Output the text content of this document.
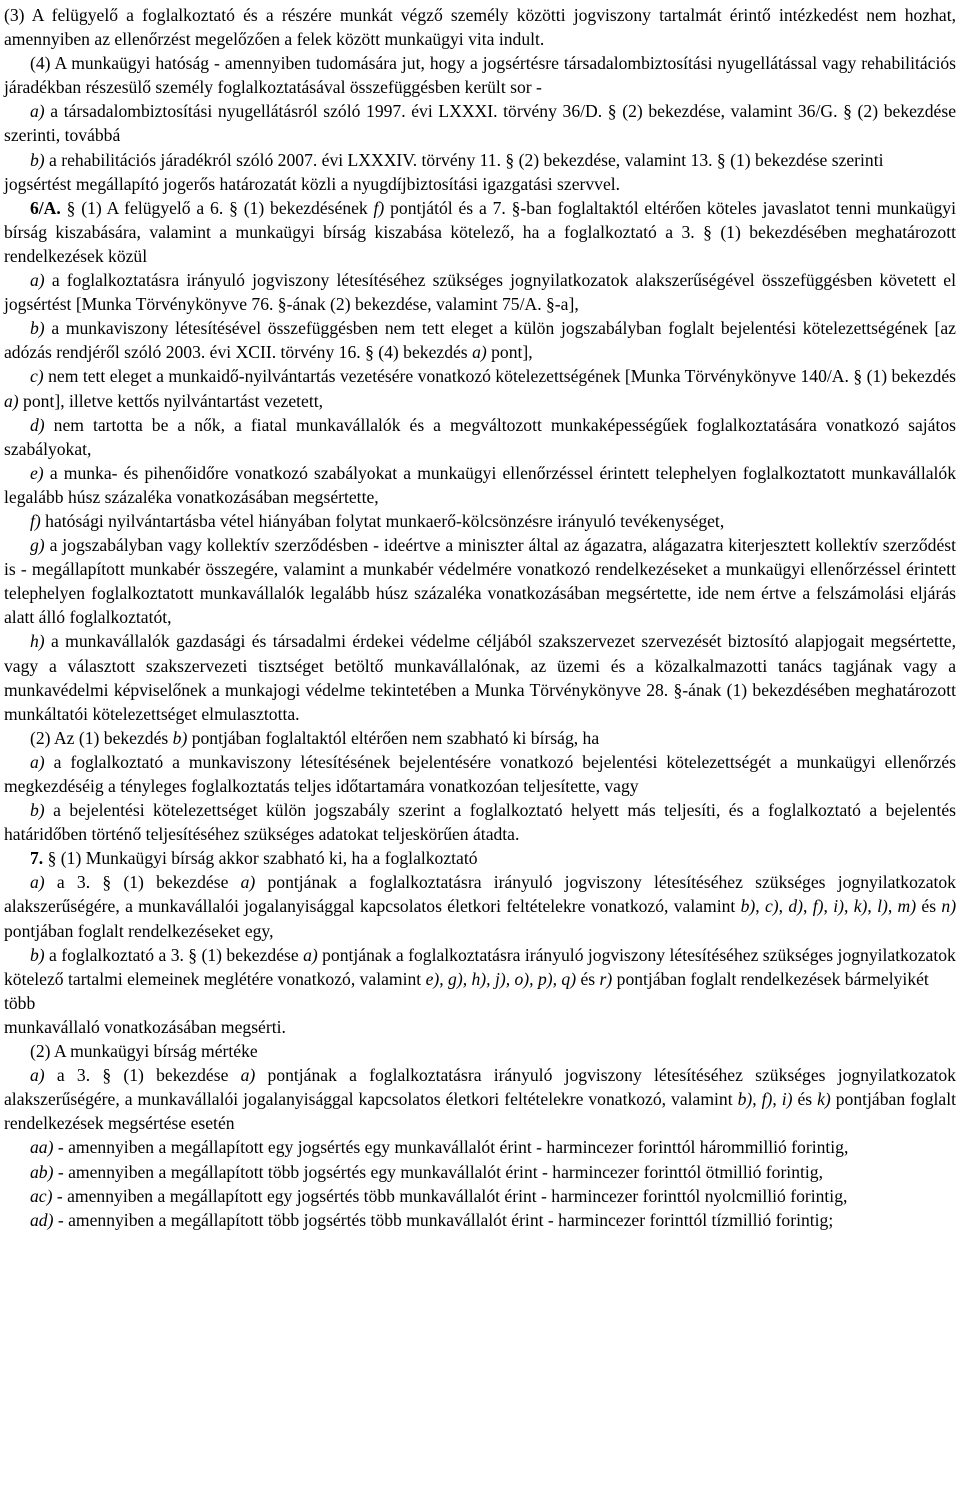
(3) A felügyelő a foglalkoztató és a részére munkát végző személy közötti jogviszony tartalmát érintő intézkedést nem hozhat, amennyiben az ellenőrzést megelőzően a felek között munkaügyi vita indult.

(4) A munkaügyi hatóság - amennyiben tudomására jut, hogy a jogsértésre társadalombiztosítási nyugellátással vagy rehabilitációs járadékban részesülő személy foglalkoztatásával összefüggésben került sor -

a) a társadalombiztosítási nyugellátásról szóló 1997. évi LXXXI. törvény 36/D. § (2) bekezdése, valamint 36/G. § (2) bekezdése szerinti, továbbá

b) a rehabilitációs járadékról szóló 2007. évi LXXXIV. törvény 11. § (2) bekezdése, valamint 13. § (1) bekezdése szerinti

jogsértést megállapító jogerős határozatát közli a nyugdíjbiztosítási igazgatási szervvel.

6/A. § (1) A felügyelő a 6. § (1) bekezdésének f) pontjától és a 7. §-ban foglaltaktól eltérően köteles javaslatot tenni munkaügyi bírság kiszabására, valamint a munkaügyi bírság kiszabása kötelező, ha a foglalkoztató a 3. § (1) bekezdésében meghatározott rendelkezések közül

a) a foglalkoztatásra irányuló jogviszony létesítéséhez szükséges jognyilatkozatok alakszerűségével összefüggésben követett el jogsértést [Munka Törvénykönyve 76. §-ának (2) bekezdése, valamint 75/A. §-a],

b) a munkaviszony létesítésével összefüggésben nem tett eleget a külön jogszabályban foglalt bejelentési kötelezettségének [az adózás rendjéről szóló 2003. évi XCII. törvény 16. § (4) bekezdés a) pont],

c) nem tett eleget a munkaidő-nyilvántartás vezetésére vonatkozó kötelezettségének [Munka Törvénykönyve 140/A. § (1) bekezdés a) pont], illetve kettős nyilvántartást vezetett,

d) nem tartotta be a nők, a fiatal munkavállalók és a megváltozott munkaképességűek foglalkoztatására vonatkozó sajátos szabályokat,

e) a munka- és pihenőidőre vonatkozó szabályokat a munkaügyi ellenőrzéssel érintett telephelyen foglalkoztatott munkavállalók legalább húsz százaléka vonatkozásában megsértette,

f) hatósági nyilvántartásba vétel hiányában folytat munkaerő-kölcsönzésre irányuló tevékenységet,

g) a jogszabályban vagy kollektív szerződésben - ideértve a miniszter által az ágazatra, alágazatra kiterjesztett kollektív szerződést is - megállapított munkabér összegére, valamint a munkabér védelmére vonatkozó rendelkezéseket a munkaügyi ellenőrzéssel érintett telephelyen foglalkoztatott munkavállalók legalább húsz százaléka vonatkozásában megsértette, ide nem értve a felszámolási eljárás alatt álló foglalkoztatót,

h) a munkavállalók gazdasági és társadalmi érdekei védelme céljából szakszervezet szervezését biztosító alapjogait megsértette, vagy a választott szakszervezeti tisztséget betöltő munkavállalónak, az üzemi és a közalkalmazotti tanács tagjának vagy a munkavédelmi képviselőnek a munkajogi védelme tekintetében a Munka Törvénykönyve 28. §-ának (1) bekezdésében meghatározott munkáltatói kötelezettséget elmulasztotta.

(2) Az (1) bekezdés b) pontjában foglaltaktól eltérően nem szabható ki bírság, ha

a) a foglalkoztató a munkaviszony létesítésének bejelentésére vonatkozó bejelentési kötelezettségét a munkaügyi ellenőrzés megkezdéséig a tényleges foglalkoztatás teljes időtartamára vonatkozóan teljesítette, vagy

b) a bejelentési kötelezettséget külön jogszabály szerint a foglalkoztató helyett más teljesíti, és a foglalkoztató a bejelentés határidőben történő teljesítéséhez szükséges adatokat teljeskörűen átadta.

7. § (1) Munkaügyi bírság akkor szabható ki, ha a foglalkoztató

a) a 3. § (1) bekezdése a) pontjának a foglalkoztatásra irányuló jogviszony létesítéséhez szükséges jognyilatkozatok alakszerűségére, a munkavállalói jogalanyisággal kapcsolatos életkori feltételekre vonatkozó, valamint b), c), d), f), i), k), l), m) és n) pontjában foglalt rendelkezéseket egy,

b) a foglalkoztató a 3. § (1) bekezdése a) pontjának a foglalkoztatásra irányuló jogviszony létesítéséhez szükséges jognyilatkozatok kötelező tartalmi elemeinek meglétére vonatkozó, valamint e), g), h), j), o), p), q) és r) pontjában foglalt rendelkezések bármelyikét több

munkavállaló vonatkozásában megsérti.

(2) A munkaügyi bírság mértéke

a) a 3. § (1) bekezdése a) pontjának a foglalkoztatásra irányuló jogviszony létesítéséhez szükséges jognyilatkozatok alakszerűségére, a munkavállalói jogalanyisággal kapcsolatos életkori feltételekre vonatkozó, valamint b), f), i) és k) pontjában foglalt rendelkezések megsértése esetén

aa) - amennyiben a megállapított egy jogsértés egy munkavállalót érint - harmincezer forinttól hárommillió forintig,

ab) - amennyiben a megállapított több jogsértés egy munkavállalót érint - harmincezer forinttól ötmillió forintig,

ac) - amennyiben a megállapított egy jogsértés több munkavállalót érint - harmincezer forinttól nyolcmillió forintig,

ad) - amennyiben a megállapított több jogsértés több munkavállalót érint - harmincezer forinttól tízmillió forintig;
